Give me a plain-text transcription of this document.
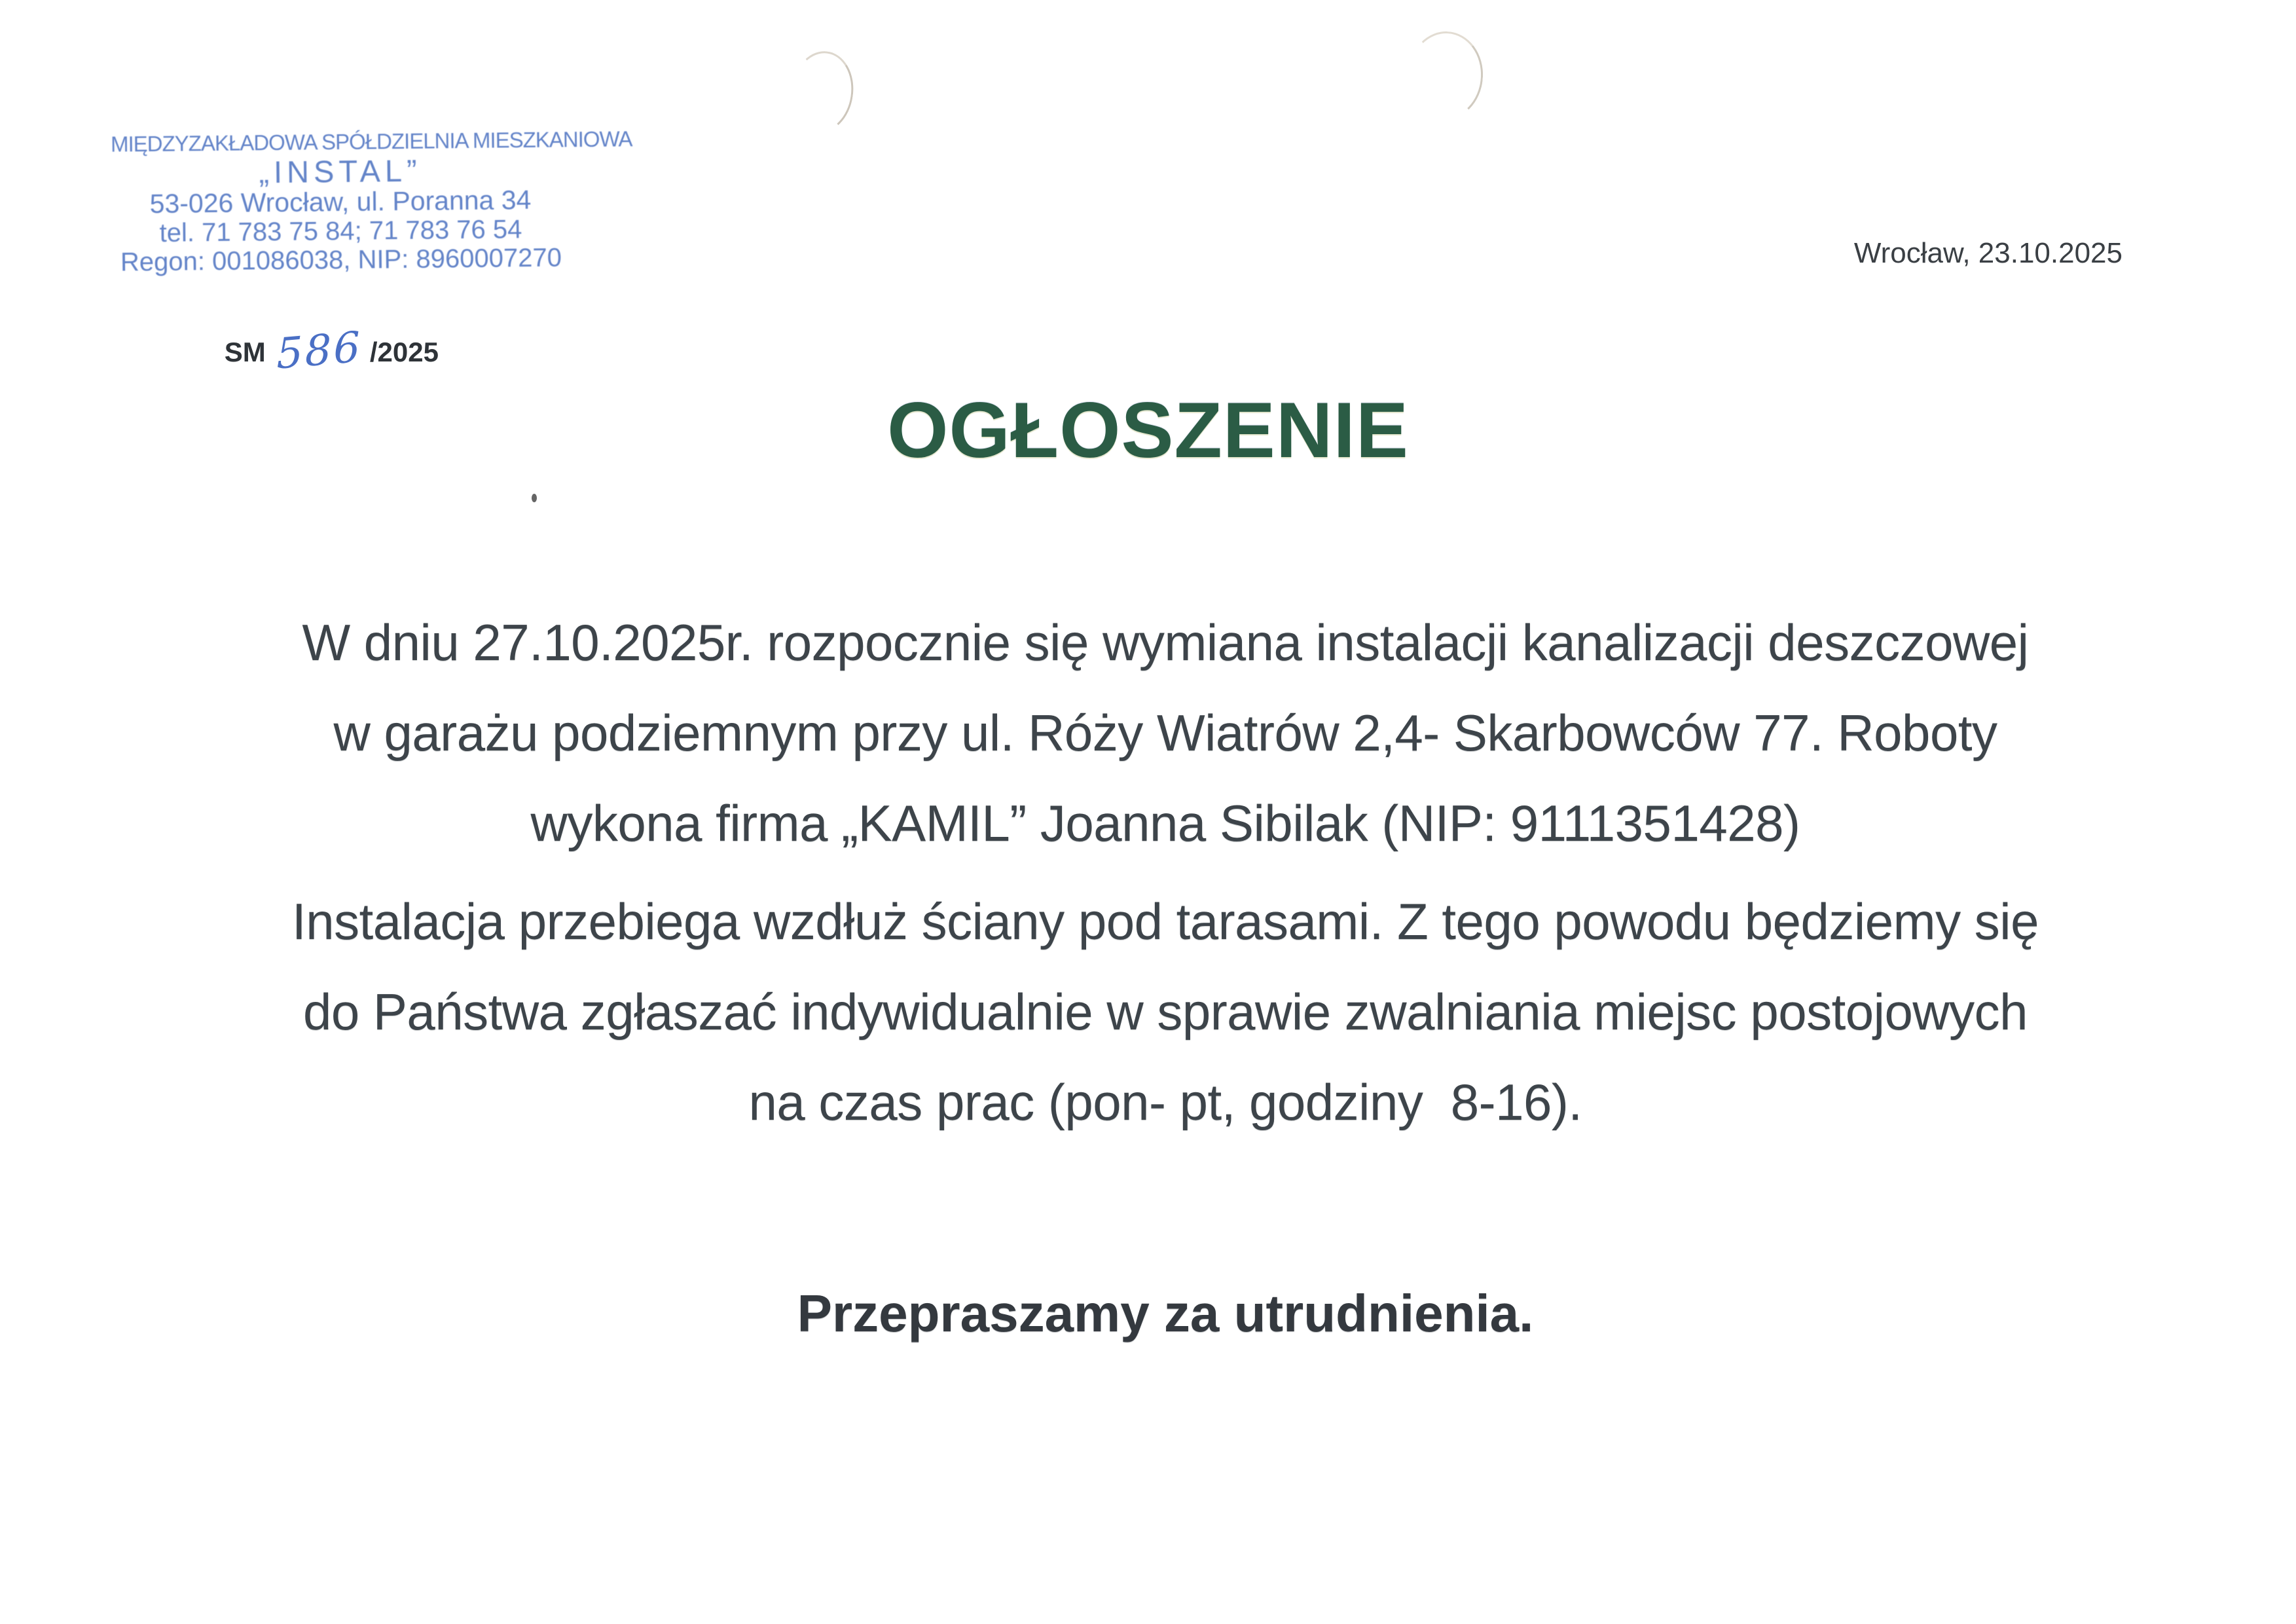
MIĘDZYZAKŁADOWA SPÓŁDZIELNIA MIESZKANIOWA
„INSTAL”
53-026 Wrocław, ul. Poranna 34
tel. 71 783 75 84; 71 783 76 54
Regon: 001086038, NIP: 8960007270

SM 586 /2025

Wrocław, 23.10.2025
OGŁOSZENIE

W dniu 27.10.2025r. rozpocznie się wymiana instalacji kanalizacji deszczowej
w garażu podziemnym przy ul. Róży Wiatrów 2,4- Skarbowców 77. Roboty
wykona firma „KAMIL” Joanna Sibilak (NIP: 9111351428)

Instalacja przebiega wzdłuż ściany pod tarasami. Z tego powodu będziemy się
do Państwa zgłaszać indywidualnie w sprawie zwalniania miejsc postojowych
na czas prac (pon- pt, godziny  8-16).

Przepraszamy za utrudnienia.
